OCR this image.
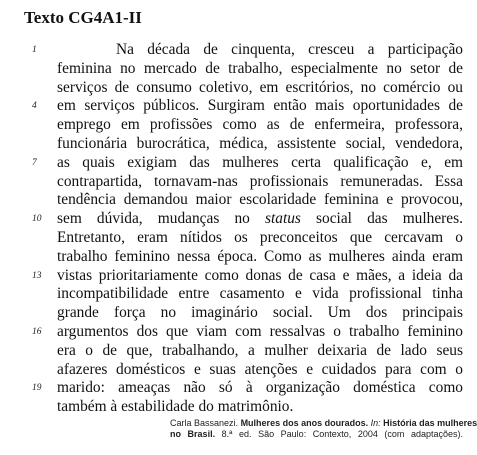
Texto CG4A1-II
1	Na década de cinquenta, cresceu a participação
feminina no mercado de trabalho, especialmente no setor de
serviços de consumo coletivo, em escritórios, no comércio ou
4 em serviços públicos. Surgiram então mais oportunidades de
emprego em profissões como as de enfermeira, professora,
funcionária burocrática, médica, assistente social, vendedora,
7 as quais exigiam das mulheres certa qualificação e, em
contrapartida, tornavam-nas profissionais remuneradas. Essa
tendência demandou maior escolaridade feminina e provocou,
10 sem dúvida, mudanças no status social das mulheres.
Entretanto, eram nítidos os preconceitos que cercavam o
trabalho feminino nessa época. Como as mulheres ainda eram
13 vistas prioritariamente como donas de casa e mães, a ideia da
incompatibilidade entre casamento e vida profissional tinha
grande força no imaginário social. Um dos principais
16 argumentos dos que viam com ressalvas o trabalho feminino
era o de que, trabalhando, a mulher deixaria de lado seus
afazeres domésticos e suas atenções e cuidados para com o
19 marido: ameaças não só à organização doméstica como
também à estabilidade do matrimônio.
Carla Bassanezi. Mulheres dos anos dourados. In: História das mulheres
no Brasil. 8.ª ed. São Paulo: Contexto, 2004 (com adaptações).
